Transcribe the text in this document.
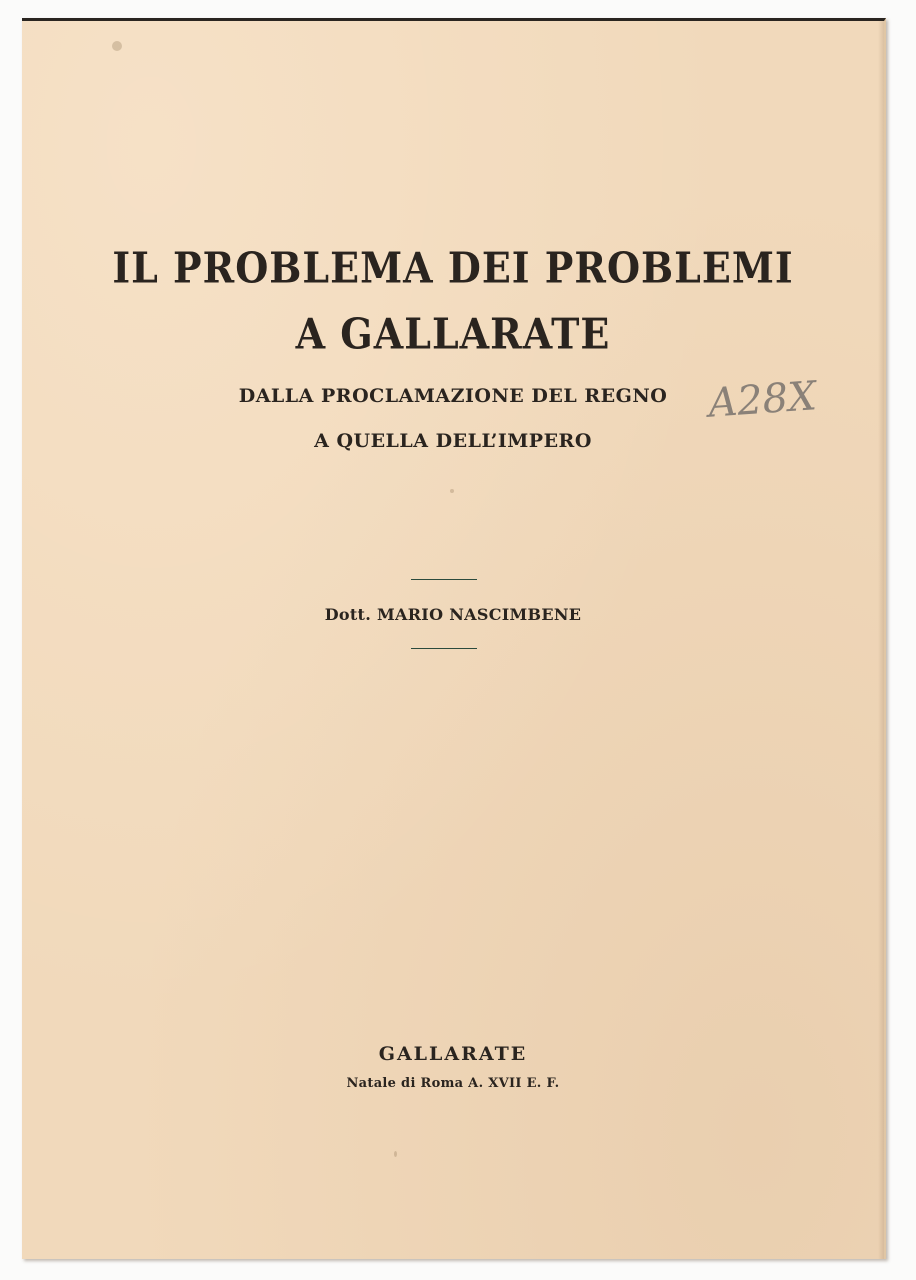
IL PROBLEMA DEI PROBLEMI
A GALLARATE
DALLA PROCLAMAZIONE DEL REGNO
A QUELLA DELL’IMPERO
A28X
Dott. MARIO NASCIMBENE
GALLARATE
Natale di Roma A. XVII E. F.
